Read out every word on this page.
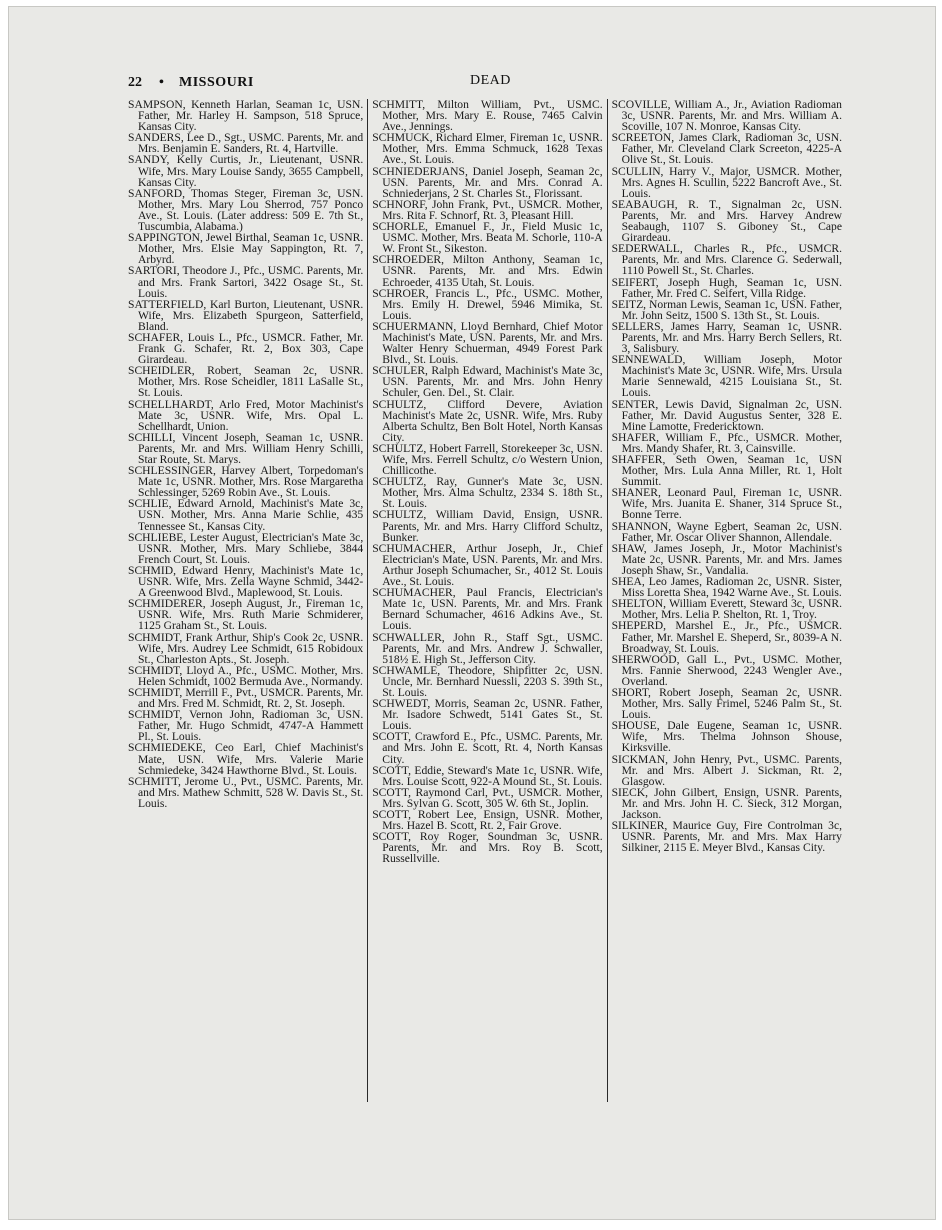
22 • MISSOURI	DEAD

SAMPSON, Kenneth Harlan, Seaman 1c, USN. Father, Mr. Harley H. Sampson, 518 Spruce, Kansas City.

SANDERS, Lee D., Sgt., USMC. Parents, Mr. and Mrs. Benjamin E. Sanders, Rt. 4, Hartville.

SANDY, Kelly Curtis, Jr., Lieutenant, USNR. Wife, Mrs. Mary Louise Sandy, 3655 Campbell, Kansas City.

SANFORD, Thomas Steger, Fireman 3c, USN. Mother, Mrs. Mary Lou Sherrod, 757 Ponco Ave., St. Louis. (Later address: 509 E. 7th St., Tuscumbia, Alabama.)

SAPPINGTON, Jewel Birthal, Seaman 1c, USNR. Mother, Mrs. Elsie May Sappington, Rt. 7, Arbyrd.

SARTORI, Theodore J., Pfc., USMC. Parents, Mr. and Mrs. Frank Sartori, 3422 Osage St., St. Louis.

SATTERFIELD, Karl Burton, Lieutenant, USNR. Wife, Mrs. Elizabeth Spurgeon, Satterfield, Bland.

SCHAFER, Louis L., Pfc., USMCR. Father, Mr. Frank G. Schafer, Rt. 2, Box 303, Cape Girardeau.

SCHEIDLER, Robert, Seaman 2c, USNR. Mother, Mrs. Rose Scheidler, 1811 LaSalle St., St. Louis.

SCHELLHARDT, Arlo Fred, Motor Machinist's Mate 3c, USNR. Wife, Mrs. Opal L. Schellhardt, Union.

SCHILLI, Vincent Joseph, Seaman 1c, USNR. Parents, Mr. and Mrs. William Henry Schilli, Star Route, St. Marys.

SCHLESSINGER, Harvey Albert, Torpedoman's Mate 1c, USNR. Mother, Mrs. Rose Margaretha Schlessinger, 5269 Robin Ave., St. Louis.

SCHLIE, Edward Arnold, Machinist's Mate 3c, USN. Mother, Mrs. Anna Marie Schlie, 435 Tennessee St., Kansas City.

SCHLIEBE, Lester August, Electrician's Mate 3c, USNR. Mother, Mrs. Mary Schliebe, 3844 French Court, St. Louis.

SCHMID, Edward Henry, Machinist's Mate 1c, USNR. Wife, Mrs. Zella Wayne Schmid, 3442-A Greenwood Blvd., Maplewood, St. Louis.

SCHMIDERER, Joseph August, Jr., Fireman 1c, USNR. Wife, Mrs. Ruth Marie Schmiderer, 1125 Graham St., St. Louis.

SCHMIDT, Frank Arthur, Ship's Cook 2c, USNR. Wife, Mrs. Audrey Lee Schmidt, 615 Robidoux St., Charleston Apts., St. Joseph.

SCHMIDT, Lloyd A., Pfc., USMC. Mother, Mrs. Helen Schmidt, 1002 Bermuda Ave., Normandy.

SCHMIDT, Merrill F., Pvt., USMCR. Parents, Mr. and Mrs. Fred M. Schmidt, Rt. 2, St. Joseph.

SCHMIDT, Vernon John, Radioman 3c, USN. Father, Mr. Hugo Schmidt, 4747-A Hammett Pl., St. Louis.

SCHMIEDEKE, Ceo Earl, Chief Machinist's Mate, USN. Wife, Mrs. Valerie Marie Schmiedeke, 3424 Hawthorne Blvd., St. Louis.

SCHMITT, Jerome U., Pvt., USMC. Parents, Mr. and Mrs. Mathew Schmitt, 528 W. Davis St., St. Louis.

SCHMITT, Milton William, Pvt., USMC. Mother, Mrs. Mary E. Rouse, 7465 Calvin Ave., Jennings.

SCHMUCK, Richard Elmer, Fireman 1c, USNR. Mother, Mrs. Emma Schmuck, 1628 Texas Ave., St. Louis.

SCHNIEDERJANS, Daniel Joseph, Seaman 2c, USN. Parents, Mr. and Mrs. Conrad A. Schniederjans, 2 St. Charles St., Florissant.

SCHNORF, John Frank, Pvt., USMCR. Mother, Mrs. Rita F. Schnorf, Rt. 3, Pleasant Hill.

SCHORLE, Emanuel F., Jr., Field Music 1c, USMC. Mother, Mrs. Beata M. Schorle, 110-A W. Front St., Sikeston.

SCHROEDER, Milton Anthony, Seaman 1c, USNR. Parents, Mr. and Mrs. Edwin Echroeder, 4135 Utah, St. Louis.

SCHROER, Francis L., Pfc., USMC. Mother, Mrs. Emily H. Drewel, 5946 Mimika, St. Louis.

SCHUERMANN, Lloyd Bernhard, Chief Motor Machinist's Mate, USN. Parents, Mr. and Mrs. Walter Henry Schuerman, 4949 Forest Park Blvd., St. Louis.

SCHULER, Ralph Edward, Machinist's Mate 3c, USN. Parents, Mr. and Mrs. John Henry Schuler, Gen. Del., St. Clair.

SCHULTZ, Clifford Devere, Aviation Machinist's Mate 2c, USNR. Wife, Mrs. Ruby Alberta Schultz, Ben Bolt Hotel, North Kansas City.

SCHULTZ, Hobert Farrell, Storekeeper 3c, USN. Wife, Mrs. Ferrell Schultz, c/o Western Union, Chillicothe.

SCHULTZ, Ray, Gunner's Mate 3c, USN. Mother, Mrs. Alma Schultz, 2334 S. 18th St., St. Louis.

SCHULTZ, William David, Ensign, USNR. Parents, Mr. and Mrs. Harry Clifford Schultz, Bunker.

SCHUMACHER, Arthur Joseph, Jr., Chief Electrician's Mate, USN. Parents, Mr. and Mrs. Arthur Joseph Schumacher, Sr., 4012 St. Louis Ave., St. Louis.

SCHUMACHER, Paul Francis, Electrician's Mate 1c, USN. Parents, Mr. and Mrs. Frank Bernard Schumacher, 4616 Adkins Ave., St. Louis.

SCHWALLER, John R., Staff Sgt., USMC. Parents, Mr. and Mrs. Andrew J. Schwaller, 518½ E. High St., Jefferson City.

SCHWAMLE, Theodore, Shipfitter 2c, USN. Uncle, Mr. Bernhard Nuessli, 2203 S. 39th St., St. Louis.

SCHWEDT, Morris, Seaman 2c, USNR. Father, Mr. Isadore Schwedt, 5141 Gates St., St. Louis.

SCOTT, Crawford E., Pfc., USMC. Parents, Mr. and Mrs. John E. Scott, Rt. 4, North Kansas City.

SCOTT, Eddie, Steward's Mate 1c, USNR. Wife, Mrs. Louise Scott, 922-A Mound St., St. Louis.

SCOTT, Raymond Carl, Pvt., USMCR. Mother, Mrs. Sylvan G. Scott, 305 W. 6th St., Joplin.

SCOTT, Robert Lee, Ensign, USNR. Mother, Mrs. Hazel B. Scott, Rt. 2, Fair Grove.

SCOTT, Roy Roger, Soundman 3c, USNR. Parents, Mr. and Mrs. Roy B. Scott, Russellville.

SCOVILLE, William A., Jr., Aviation Radioman 3c, USNR. Parents, Mr. and Mrs. William A. Scoville, 107 N. Monroe, Kansas City.

SCREETON, James Clark, Radioman 3c, USN. Father, Mr. Cleveland Clark Screeton, 4225-A Olive St., St. Louis.

SCULLIN, Harry V., Major, USMCR. Mother, Mrs. Agnes H. Scullin, 5222 Bancroft Ave., St. Louis.

SEABAUGH, R. T., Signalman 2c, USN. Parents, Mr. and Mrs. Harvey Andrew Seabaugh, 1107 S. Giboney St., Cape Girardeau.

SEDERWALL, Charles R., Pfc., USMCR. Parents, Mr. and Mrs. Clarence G. Sederwall, 1110 Powell St., St. Charles.

SEIFERT, Joseph Hugh, Seaman 1c, USN. Father, Mr. Fred C. Seifert, Villa Ridge.

SEITZ, Norman Lewis, Seaman 1c, USN. Father, Mr. John Seitz, 1500 S. 13th St., St. Louis.

SELLERS, James Harry, Seaman 1c, USNR. Parents, Mr. and Mrs. Harry Berch Sellers, Rt. 3, Salisbury.

SENNEWALD, William Joseph, Motor Machinist's Mate 3c, USNR. Wife, Mrs. Ursula Marie Sennewald, 4215 Louisiana St., St. Louis.

SENTER, Lewis David, Signalman 2c, USN. Father, Mr. David Augustus Senter, 328 E. Mine Lamotte, Fredericktown.

SHAFER, William F., Pfc., USMCR. Mother, Mrs. Mandy Shafer, Rt. 3, Cainsville.

SHAFFER, Seth Owen, Seaman 1c, USN Mother, Mrs. Lula Anna Miller, Rt. 1, Holt Summit.

SHANER, Leonard Paul, Fireman 1c, USNR. Wife, Mrs. Juanita E. Shaner, 314 Spruce St., Bonne Terre.

SHANNON, Wayne Egbert, Seaman 2c, USN. Father, Mr. Oscar Oliver Shannon, Allendale.

SHAW, James Joseph, Jr., Motor Machinist's Mate 2c, USNR. Parents, Mr. and Mrs. James Joseph Shaw, Sr., Vandalia.

SHEA, Leo James, Radioman 2c, USNR. Sister, Miss Loretta Shea, 1942 Warne Ave., St. Louis.

SHELTON, William Everett, Steward 3c, USNR. Mother, Mrs. Lelia P. Shelton, Rt. 1, Troy.

SHEPERD, Marshel E., Jr., Pfc., USMCR. Father, Mr. Marshel E. Sheperd, Sr., 8039-A N. Broadway, St. Louis.

SHERWOOD, Gall L., Pvt., USMC. Mother, Mrs. Fannie Sherwood, 2243 Wengler Ave., Overland.

SHORT, Robert Joseph, Seaman 2c, USNR. Mother, Mrs. Sally Frimel, 5246 Palm St., St. Louis.

SHOUSE, Dale Eugene, Seaman 1c, USNR. Wife, Mrs. Thelma Johnson Shouse, Kirksville.

SICKMAN, John Henry, Pvt., USMC. Parents, Mr. and Mrs. Albert J. Sickman, Rt. 2, Glasgow.

SIECK, John Gilbert, Ensign, USNR. Parents, Mr. and Mrs. John H. C. Sieck, 312 Morgan, Jackson.

SILKINER, Maurice Guy, Fire Controlman 3c, USNR. Parents, Mr. and Mrs. Max Harry Silkiner, 2115 E. Meyer Blvd., Kansas City.
